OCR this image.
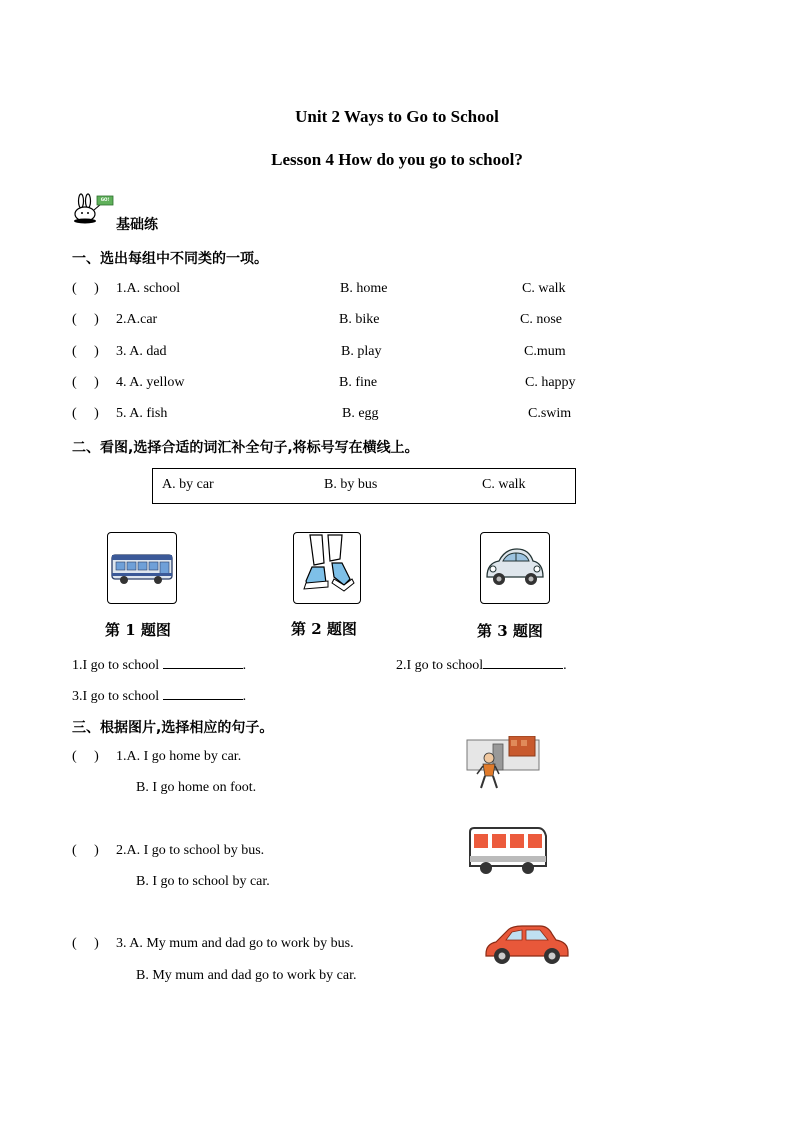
Unit 2 Ways to Go to School
Lesson 4 How do you go to school?
GO!
基础练
一、选出每组中不同类的一项。
(     ) 1.A. school	B. home	C. walk
(     ) 2.A.car	B. bike	C. nose
(     ) 3. A. dad	B. play	C.mum
(     ) 4. A. yellow	B. fine	C. happy
(     ) 5. A. fish	B. egg	C.swim
二、看图,选择合适的词汇补全句子,将标号写在横线上。
A. by car	B. by bus	C. walk
第 1 题图	第 2 题图	第 3 题图
1.I go to school	.	2.I go to school	.
3.I go to school	.
三、根据图片,选择相应的句子。
(     ) 1.A. I go home by car.
B. I go home on foot.
(     ) 2.A. I go to school by bus.
B. I go to school by car.
(     ) 3. A. My mum and dad go to work by bus.
B. My mum and dad go to work by car.
